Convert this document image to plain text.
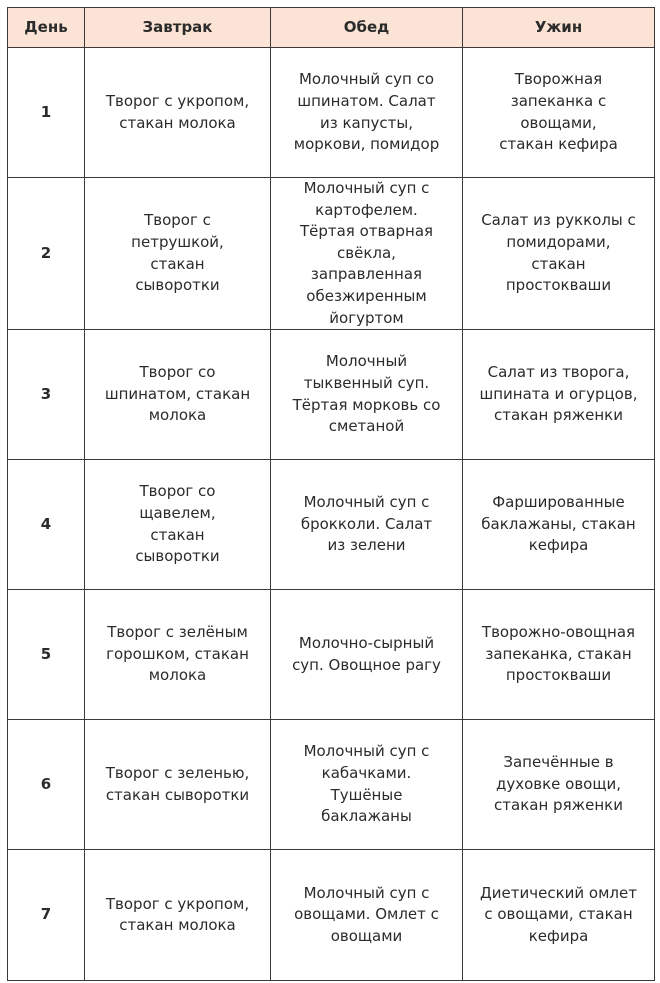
День	Завтрак	Обед	Ужин
1	Творог с укропом, стакан молока	Молочный суп со шпинатом. Салат из капусты, моркови, помидор	Творожная запеканка с овощами, стакан кефира
2	Творог с петрушкой, стакан сыворотки	Молочный суп с картофелем. Тёртая отварная свёкла, заправленная обезжиренным йогуртом	Салат из рукколы с помидорами, стакан простокваши
3	Творог со шпинатом, стакан молока	Молочный тыквенный суп. Тёртая морковь со сметаной	Салат из творога, шпината и огурцов, стакан ряженки
4	Творог со щавелем, стакан сыворотки	Молочный суп с брокколи. Салат из зелени	Фаршированные баклажаны, стакан кефира
5	Творог с зелёным горошком, стакан молока	Молочно-сырный суп. Овощное рагу	Творожно-овощная запеканка, стакан простокваши
6	Творог с зеленью, стакан сыворотки	Молочный суп с кабачками. Тушёные баклажаны	Запечённые в духовке овощи, стакан ряженки
7	Творог с укропом, стакан молока	Молочный суп с овощами. Омлет с овощами	Диетический омлет с овощами, стакан кефира
